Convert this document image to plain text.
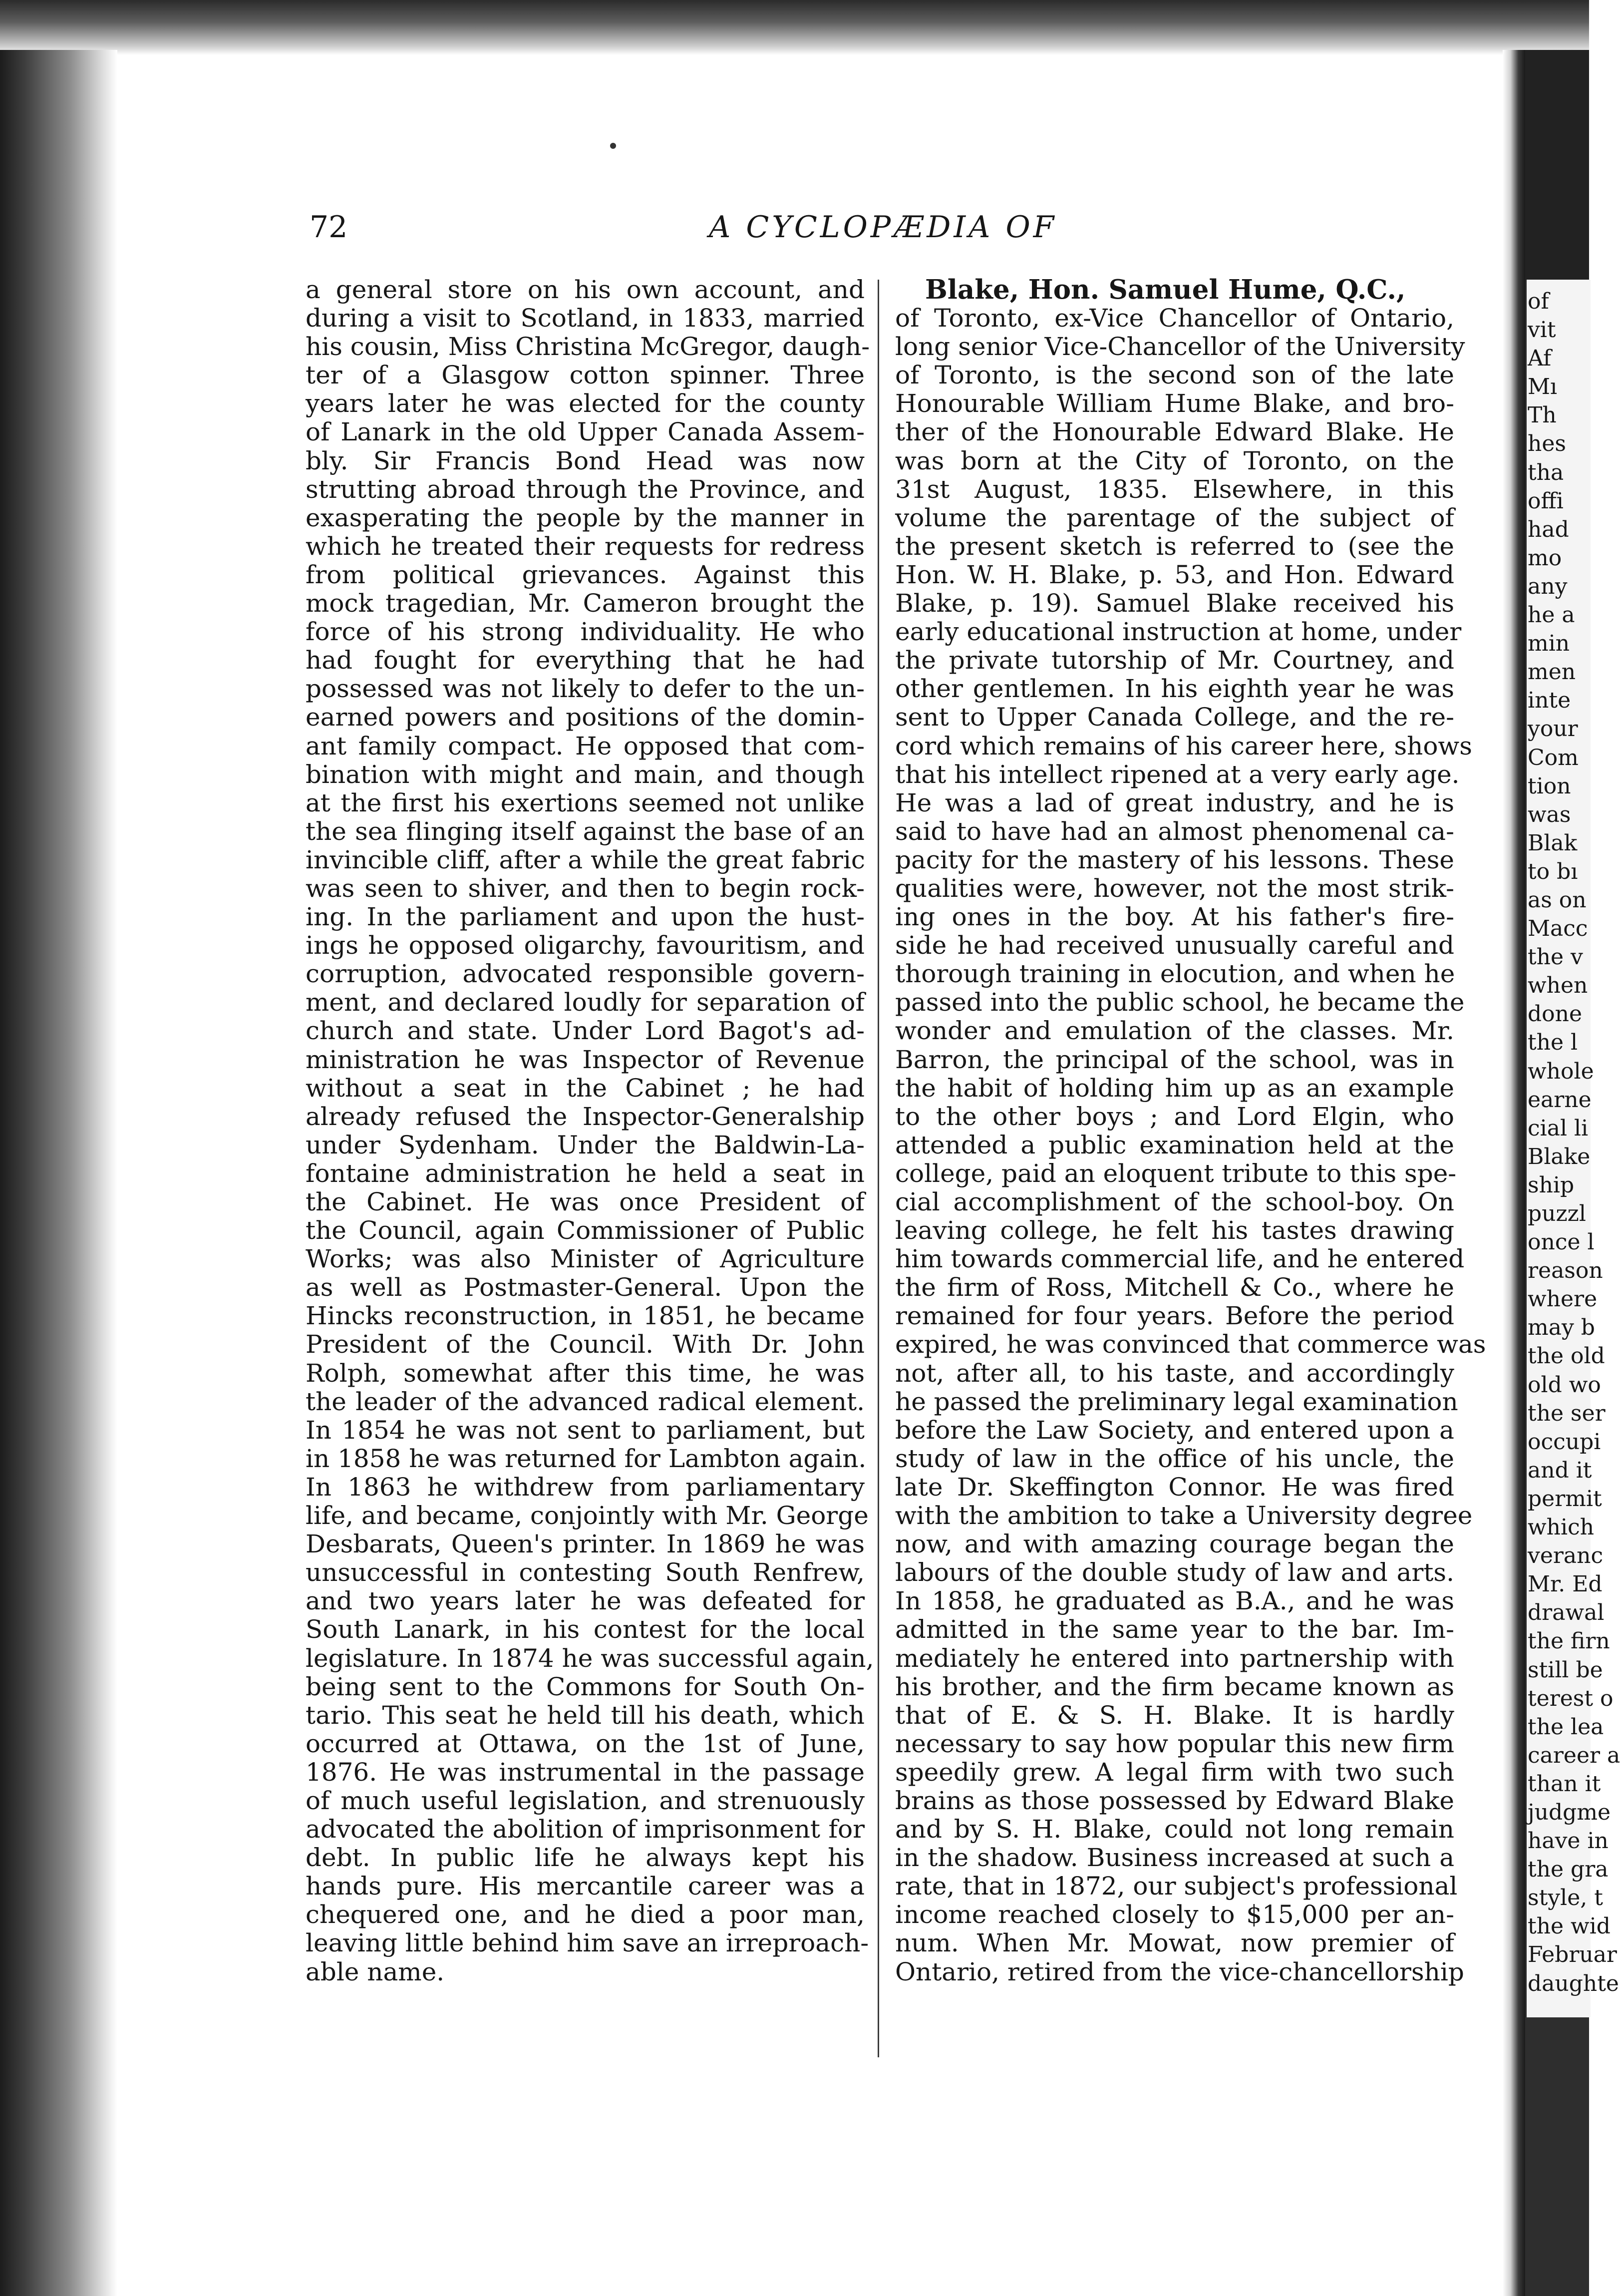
of
vit
Af
Mı
Th
hes
tha
offi
had
mo
any
he a
min
men
inte
your
Com
tion
was
Blak
to bı
as on
Macc
the v
when
done
the l
whole
earne
cial li
Blake
ship
puzzl
once l
reason
where
may b
the old
old wo
the ser
occupi
and it
permit
which
veranc
Mr. Ed
drawal
the firn
still be
terest o
the lea
career a
than it
judgme
have in
the gra
style, t
the wid
Februar
daughte
72	A CYCLOPÆDIA OF
a general store on his own account, and
during a visit to Scotland, in 1833, married
his cousin, Miss Christina McGregor, daugh-
ter of a Glasgow cotton spinner. Three
years later he was elected for the county
of Lanark in the old Upper Canada Assem-
bly. Sir Francis Bond Head was now
strutting abroad through the Province, and
exasperating the people by the manner in
which he treated their requests for redress
from political grievances. Against this
mock tragedian, Mr. Cameron brought the
force of his strong individuality. He who
had fought for everything that he had
possessed was not likely to defer to the un-
earned powers and positions of the domin-
ant family compact. He opposed that com-
bination with might and main, and though
at the first his exertions seemed not unlike
the sea flinging itself against the base of an
invincible cliff, after a while the great fabric
was seen to shiver, and then to begin rock-
ing. In the parliament and upon the hust-
ings he opposed oligarchy, favouritism, and
corruption, advocated responsible govern-
ment, and declared loudly for separation of
church and state. Under Lord Bagot's ad-
ministration he was Inspector of Revenue
without a seat in the Cabinet ; he had
already refused the Inspector-Generalship
under Sydenham. Under the Baldwin-La-
fontaine administration he held a seat in
the Cabinet. He was once President of
the Council, again Commissioner of Public
Works; was also Minister of Agriculture
as well as Postmaster-General. Upon the
Hincks reconstruction, in 1851, he became
President of the Council. With Dr. John
Rolph, somewhat after this time, he was
the leader of the advanced radical element.
In 1854 he was not sent to parliament, but
in 1858 he was returned for Lambton again.
In 1863 he withdrew from parliamentary
life, and became, conjointly with Mr. George
Desbarats, Queen's printer. In 1869 he was
unsuccessful in contesting South Renfrew,
and two years later he was defeated for
South Lanark, in his contest for the local
legislature. In 1874 he was successful again,
being sent to the Commons for South On-
tario. This seat he held till his death, which
occurred at Ottawa, on the 1st of June,
1876. He was instrumental in the passage
of much useful legislation, and strenuously
advocated the abolition of imprisonment for
debt. In public life he always kept his
hands pure. His mercantile career was a
chequered one, and he died a poor man,
leaving little behind him save an irreproach-
able name.
Blake, Hon. Samuel Hume, Q.C.,
of Toronto, ex-Vice Chancellor of Ontario,
long senior Vice-Chancellor of the University
of Toronto, is the second son of the late
Honourable William Hume Blake, and bro-
ther of the Honourable Edward Blake. He
was born at the City of Toronto, on the
31st August, 1835. Elsewhere, in this
volume the parentage of the subject of
the present sketch is referred to (see the
Hon. W. H. Blake, p. 53, and Hon. Edward
Blake, p. 19). Samuel Blake received his
early educational instruction at home, under
the private tutorship of Mr. Courtney, and
other gentlemen. In his eighth year he was
sent to Upper Canada College, and the re-
cord which remains of his career here, shows
that his intellect ripened at a very early age.
He was a lad of great industry, and he is
said to have had an almost phenomenal ca-
pacity for the mastery of his lessons. These
qualities were, however, not the most strik-
ing ones in the boy. At his father's fire-
side he had received unusually careful and
thorough training in elocution, and when he
passed into the public school, he became the
wonder and emulation of the classes. Mr.
Barron, the principal of the school, was in
the habit of holding him up as an example
to the other boys ; and Lord Elgin, who
attended a public examination held at the
college, paid an eloquent tribute to this spe-
cial accomplishment of the school-boy. On
leaving college, he felt his tastes drawing
him towards commercial life, and he entered
the firm of Ross, Mitchell & Co., where he
remained for four years. Before the period
expired, he was convinced that commerce was
not, after all, to his taste, and accordingly
he passed the preliminary legal examination
before the Law Society, and entered upon a
study of law in the office of his uncle, the
late Dr. Skeffington Connor. He was fired
with the ambition to take a University degree
now, and with amazing courage began the
labours of the double study of law and arts.
In 1858, he graduated as B.A., and he was
admitted in the same year to the bar. Im-
mediately he entered into partnership with
his brother, and the firm became known as
that of E. & S. H. Blake. It is hardly
necessary to say how popular this new firm
speedily grew. A legal firm with two such
brains as those possessed by Edward Blake
and by S. H. Blake, could not long remain
in the shadow. Business increased at such a
rate, that in 1872, our subject's professional
income reached closely to $15,000 per an-
num. When Mr. Mowat, now premier of
Ontario, retired from the vice-chancellorship
